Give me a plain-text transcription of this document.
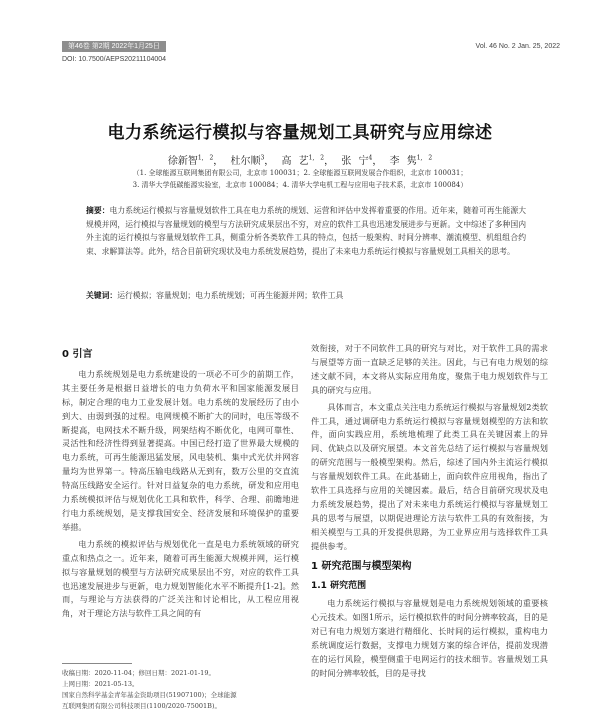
第46卷 第2期 2022年1月25日	Vol. 46 No. 2 Jan. 25, 2022
DOI: 10.7500/AEPS20211104004
电力系统运行模拟与容量规划工具研究与应用综述
徐新智$^{1, 2}$， 杜尔顺$^3$， 高 艺$^{1, 2}$， 张 宁$^4$， 李 隽$^{1, 2}$
（1. 全球能源互联网集团有限公司，北京市 100031；2. 全球能源互联网发展合作组织，北京市 100031；
3. 清华大学低碳能源实验室，北京市 100084；4. 清华大学电机工程与应用电子技术系，北京市 100084）
摘要：电力系统运行模拟与容量规划软件工具在电力系统的规划、运营和评估中发挥着重要的作用。近年来，随着可再生能源大规模并网，运行模拟与容量规划的模型与方法研究成果层出不穷，对应的软件工具也迅速发展进步与更新。文中综述了多种国内外主流的运行模拟与容量规划软件工具，侧重分析各类软件工具的特点，包括一般架构、时间分辨率、潮流模型、机组组合约束、求解算法等。此外，结合目前研究现状及电力系统发展趋势，提出了未来电力系统运行模拟与容量规划工具相关的思考。
关键词：运行模拟；容量规划；电力系统规划；可再生能源并网；软件工具
0 引言

电力系统规划是电力系统建设的一项必不可少的前期工作，其主要任务是根据日益增长的电力负荷水平和国家能源发展目标，制定合理的电力工业发展计划。电力系统的发展经历了由小到大、由弱到强的过程。电网规模不断扩大的同时，电压等级不断提高，电网技术不断升级，网架结构不断优化，电网可靠性、灵活性和经济性得到显著提高。中国已经打造了世界最大规模的电力系统，可再生能源迅猛发展，风电装机、集中式光伏并网容量均为世界第一。特高压输电线路从无到有，数万公里的交直流特高压线路安全运行。针对日益复杂的电力系统，研发和应用电力系统模拟评估与规划优化工具和软件，科学、合理、前瞻地进行电力系统规划，是支撑我国安全、经济发展和环境保护的重要举措。

电力系统的模拟评估与规划优化一直是电力系统领域的研究重点和热点之一。近年来，随着可再生能源大规模并网，运行模拟与容量规划的模型与方法研究成果层出不穷，对应的软件工具也迅速发展进步与更新，电力规划智能化水平不断提升[1-2]。然而，与理论与方法获得的广泛关注和讨论相比，从工程应用视角，对于理论方法与软件工具之间的有

效衔接，对于不同软件工具的研究与对比，对于软件工具的需求与展望等方面一直缺乏足够的关注。因此，与已有电力规划的综述文献不同，本文将从实际应用角度，聚焦于电力规划软件与工具的研究与应用。

具体而言，本文重点关注电力系统运行模拟与容量规划2类软件工具，通过调研电力系统运行模拟与容量规划模型的方法和软件，面向实践应用，系统地梳理了此类工具在关键因素上的异同、优缺点以及研究展望。本文首先总结了运行模拟与容量规划的研究范围与一般模型架构。然后，综述了国内外主流运行模拟与容量规划软件工具。在此基础上，面向软件应用视角，指出了软件工具选择与应用的关键因素。最后，结合目前研究现状及电力系统发展趋势，提出了对未来电力系统运行模拟与容量规划工具的思考与展望，以期促进理论方法与软件工具的有效衔接，为相关模型与工具的开发提供思路，为工业界应用与选择软件工具提供参考。

1 研究范围与模型架构
1.1 研究范围

电力系统运行模拟与容量规划是电力系统规划领域的重要核心元技术。如图1所示，运行模拟软件的时间分辨率较高，目的是对已有电力规划方案进行精细化、长时间的运行模拟，重构电力系统调度运行数据，支撑电力规划方案的综合评估，提前发现潜在的运行风险，模型侧重于电网运行的技术细节。容量规划工具的时间分辨率较低，目的是寻找

收稿日期：2020-11-04；修回日期：2021-01-19。
上网日期：2021-05-13。
国家自然科学基金青年基金资助项目(51907100)；全球能源
互联网集团有限公司科技项目(1100/2020-75001B)。
